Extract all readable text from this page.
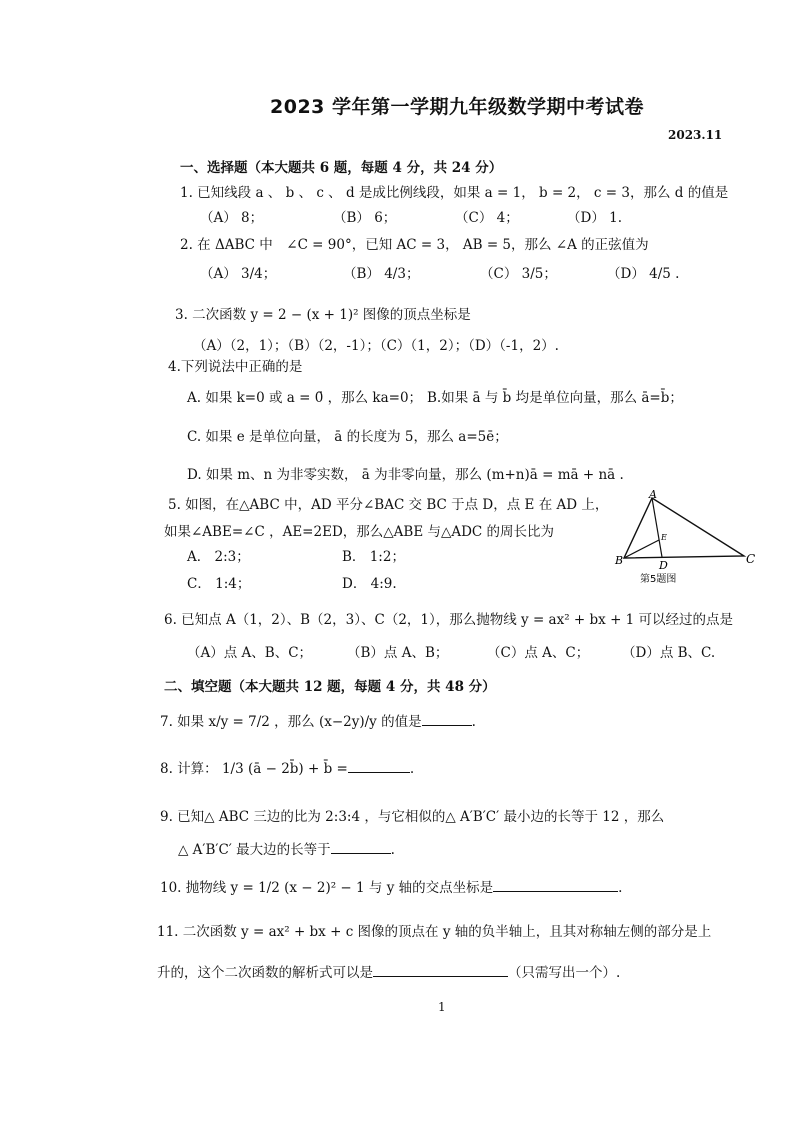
2023 学年第一学期九年级数学期中考试卷
2023.11
一、选择题（本大题共 6 题，每题 4 分，共 24 分）
1. 已知线段 a 、 b 、 c 、 d 是成比例线段，如果 a = 1， b = 2， c = 3，那么 d 的值是
（A） 8；	（B） 6；	（C） 4；	（D） 1.
2. 在 ΔABC 中　∠C = 90°，已知 AC = 3， AB = 5，那么 ∠A 的正弦值为
（A） 3/4；	（B） 4/3；	（C） 3/5；	（D） 4/5 .
3. 二次函数 y = 2 − (x + 1)² 图像的顶点坐标是
（A）（2，1）；（B）（2，-1）；（C）（1，2）；（D）（-1，2）.
4.下列说法中正确的是
A. 如果 k=0 或 a = 0̄ ，那么 ka=0； B.如果 ā 与 b̄ 均是单位向量，那么 ā=b̄；
C. 如果 e 是单位向量， ā 的长度为 5，那么 a=5ē；
D. 如果 m、n 为非零实数， ā 为非零向量，那么 (m+n)ā = mā + nā .
5. 如图，在△ABC 中，AD 平分∠BAC 交 BC 于点 D，点 E 在 AD 上，
如果∠ABE=∠C ，AE=2ED，那么△ABE 与△ADC 的周长比为
A． 2:3；	B． 1:2；
C． 1:4；	D． 4:9.
A
B	C
D
E
第5题图
6. 已知点 A（1，2）、B（2，3）、C（2，1），那么抛物线 y = ax² + bx + 1 可以经过的点是
（A）点 A、B、C；	（B）点 A、B；	（C）点 A、C； （D）点 B、C.
二、填空题（本大题共 12 题，每题 4 分，共 48 分）
7. 如果 x/y = 7/2 ，那么 (x−2y)/y 的值是	.
8. 计算： 1/3 (ā − 2b̄) + b̄ =	.
9. 已知△ ABC 三边的比为 2:3:4 ，与它相似的△ A′B′C′ 最小边的长等于 12 ，那么
△ A′B′C′ 最大边的长等于	.
10. 抛物线 y = 1/2 (x − 2)² − 1 与 y 轴的交点坐标是	.
11. 二次函数 y = ax² + bx + c 图像的顶点在 y 轴的负半轴上，且其对称轴左侧的部分是上
升的，这个二次函数的解析式可以是	（只需写出一个）.
1
